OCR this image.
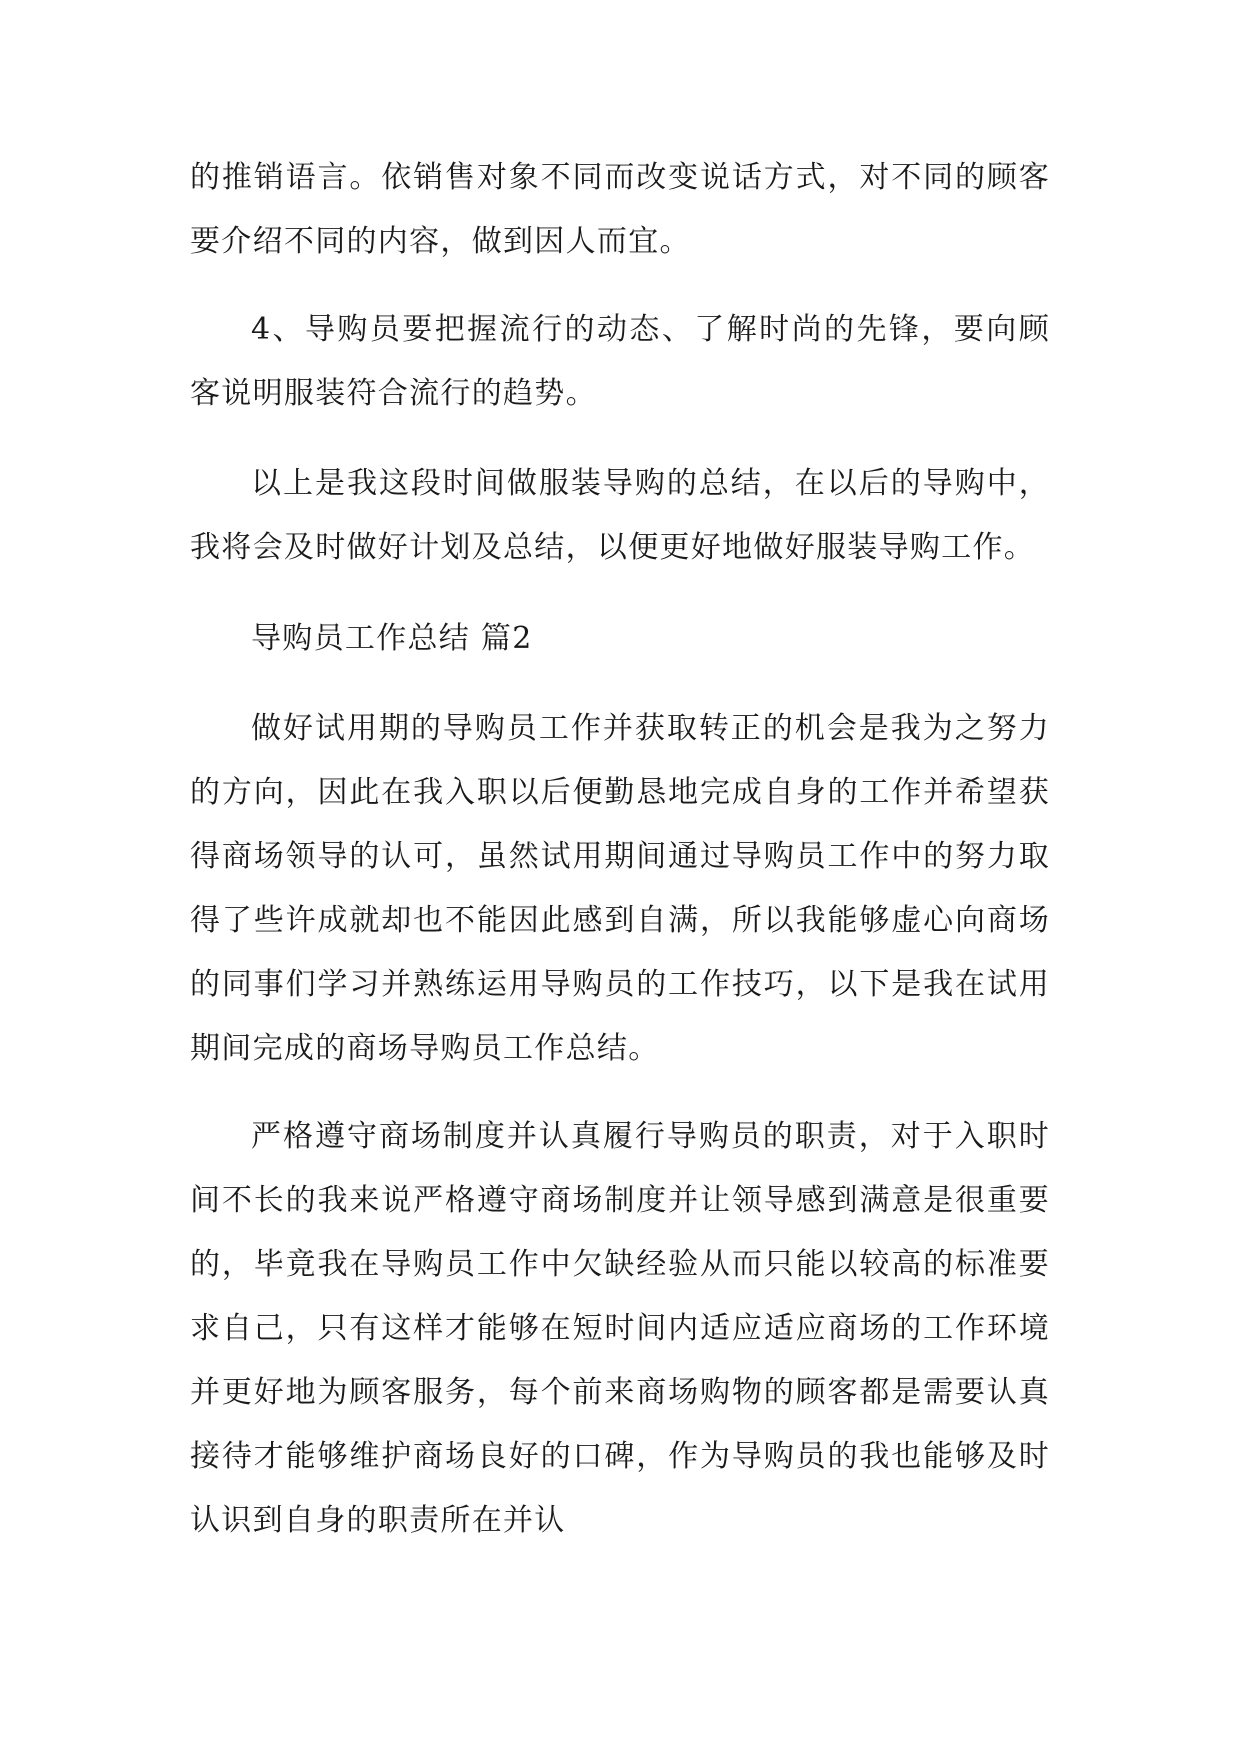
的推销语言。依销售对象不同而改变说话方式，对不同的顾客要介绍不同的内容，做到因人而宜。

4、导购员要把握流行的动态、了解时尚的先锋，要向顾客说明服装符合流行的趋势。

以上是我这段时间做服装导购的总结，在以后的导购中，我将会及时做好计划及总结，以便更好地做好服装导购工作。

导购员工作总结 篇2

做好试用期的导购员工作并获取转正的机会是我为之努力的方向，因此在我入职以后便勤恳地完成自身的工作并希望获得商场领导的认可，虽然试用期间通过导购员工作中的努力取得了些许成就却也不能因此感到自满，所以我能够虚心向商场的同事们学习并熟练运用导购员的工作技巧，以下是我在试用期间完成的商场导购员工作总结。

严格遵守商场制度并认真履行导购员的职责，对于入职时间不长的我来说严格遵守商场制度并让领导感到满意是很重要的，毕竟我在导购员工作中欠缺经验从而只能以较高的标准要求自己，只有这样才能够在短时间内适应适应商场的工作环境并更好地为顾客服务，每个前来商场购物的顾客都是需要认真接待才能够维护商场良好的口碑，作为导购员的我也能够及时认识到自身的职责所在并认
